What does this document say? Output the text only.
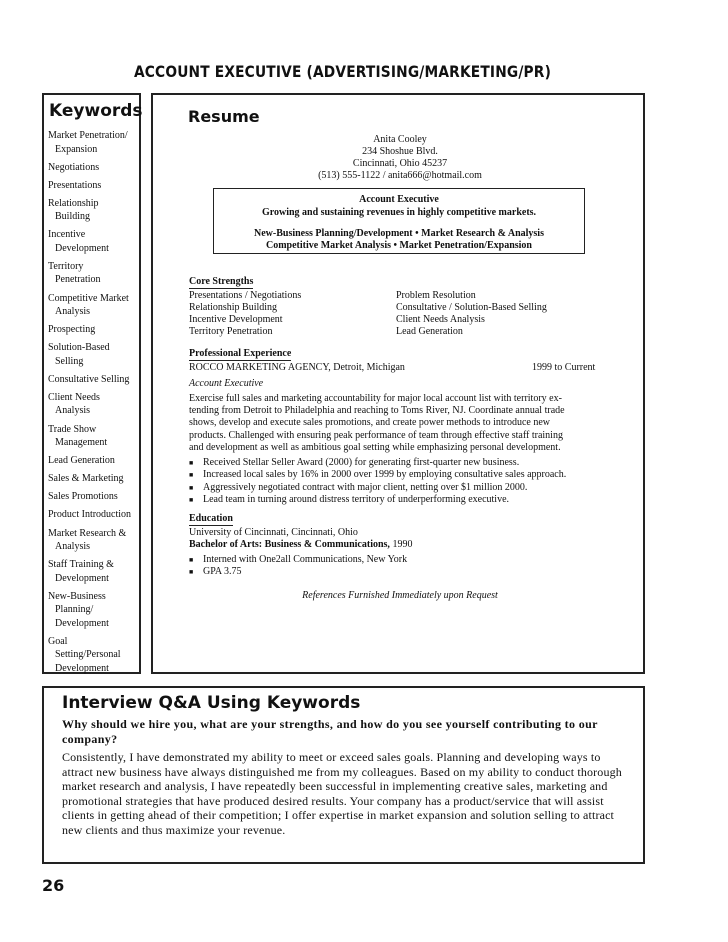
ACCOUNT EXECUTIVE (ADVERTISING/MARKETING/PR)
Keywords
Market Penetration/
Expansion
Negotiations
Presentations
Relationship
Building
Incentive
Development
Territory
Penetration
Competitive Market
Analysis
Prospecting
Solution-Based
Selling
Consultative Selling
Client Needs
Analysis
Trade Show
Management
Lead Generation
Sales & Marketing
Sales Promotions
Product Introduction
Market Research &
Analysis
Staff Training &
Development
New-Business
Planning/
Development
Goal
Setting/Personal
Development
Resume
Anita Cooley
234 Shoshue Blvd.
Cincinnati, Ohio 45237
(513) 555-1122 / anita666@hotmail.com
Account Executive
Growing and sustaining revenues in highly competitive markets.
New-Business Planning/Development • Market Research & Analysis
Competitive Market Analysis • Market Penetration/Expansion
Core Strengths
Presentations / Negotiations
Relationship Building
Incentive Development
Territory Penetration
Problem Resolution
Consultative / Solution-Based Selling
Client Needs Analysis
Lead Generation
Professional Experience
ROCCO MARKETING AGENCY, Detroit, Michigan	1999 to Current
Account Executive
Exercise full sales and marketing accountability for major local account list with territory ex-
tending from Detroit to Philadelphia and reaching to Toms River, NJ. Coordinate annual trade
shows, develop and execute sales promotions, and create power methods to introduce new
products. Challenged with ensuring peak performance of team through effective staff training
and development as well as ambitious goal setting while emphasizing personal development.
■ Received Stellar Seller Award (2000) for generating first-quarter new business.
■ Increased local sales by 16% in 2000 over 1999 by employing consultative sales approach.
■ Aggressively negotiated contract with major client, netting over $1 million 2000.
■ Lead team in turning around distress territory of underperforming executive.
Education
University of Cincinnati, Cincinnati, Ohio
Bachelor of Arts: Business & Communications, 1990
■ Interned with One2all Communications, New York
■ GPA 3.75
References Furnished Immediately upon Request
Interview Q&A Using Keywords
Why should we hire you, what are your strengths, and how do you see yourself contributing to our company?
Consistently, I have demonstrated my ability to meet or exceed sales goals. Planning and developing ways to attract new business have always distinguished me from my colleagues. Based on my ability to conduct thorough market research and analysis, I have repeatedly been successful in implementing creative sales, marketing and promotional strategies that have produced desired results. Your company has a product/service that will assist clients in getting ahead of their competition; I offer expertise in market expansion and solution selling to attract new clients and thus maximize your revenue.
26
